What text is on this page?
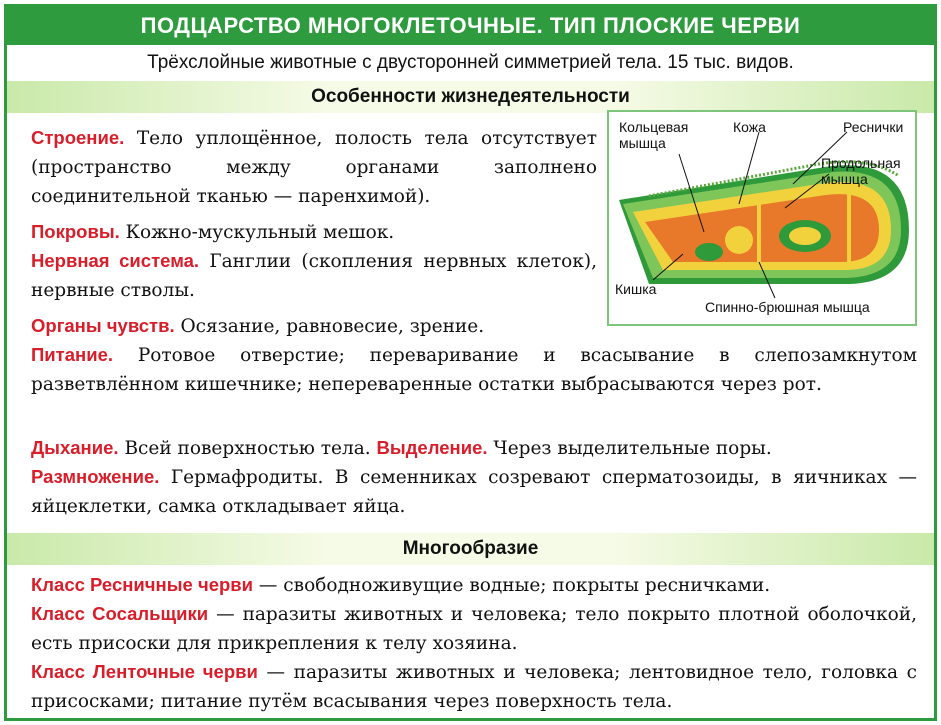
ПОДЦАРСТВО МНОГОКЛЕТОЧНЫЕ. ТИП ПЛОСКИЕ ЧЕРВИ
Трёхслойные животные с двусторонней симметрией тела. 15 тыс. видов.
Особенности жизнедеятельности

Строение. Тело уплощённое, полость тела отсутствует (пространство между органами заполнено соединительной тканью — паренхимой).

Покровы. Кожно-мускульный мешок.

Нервная система. Ганглии (скопления нервных клеток), нервные стволы.

Органы чувств. Осязание, равновесие, зрение.

Питание. Ротовое отверстие; переваривание и всасывание в слепозамкнутом разветвлённом кишечнике; непереваренные остатки выбрасываются через рот.

Дыхание. Всей поверхностью тела. Выделение. Через выделительные поры.

Размножение. Гермафродиты. В семенниках созревают сперматозоиды, в яичниках — яйцеклетки, самка откладывает яйца.

Многообразие

Класс Ресничные черви — свободноживущие водные; покрыты ресничками.

Класс Сосальщики — паразиты животных и человека; тело покрыто плотной оболочкой, есть присоски для прикрепления к телу хозяина.

Класс Ленточные черви — паразиты животных и человека; лентовидное тело, головка с присосками; питание путём всасывания через поверхность тела.

Кольцевая мышца
Кожа	Реснички
Продольная мышца
Кишка
Спинно-брюшная мышца
